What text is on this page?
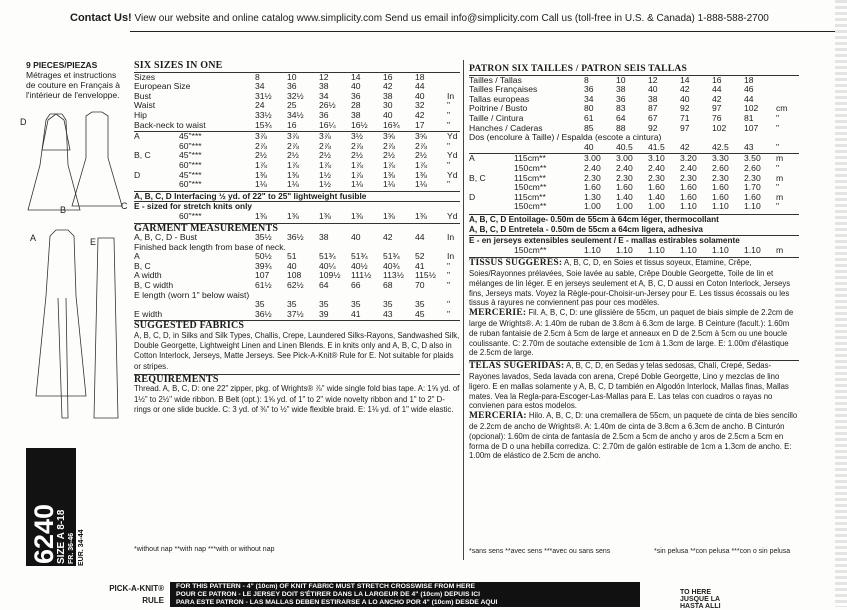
Contact Us! View our website and online catalog www.simplicity.com Send us email info@simplicity.com Call us (toll-free in U.S. & Canada) 1-888-588-2700
9 PIECES/PIEZAS
Métrages et instructions de couture en Français à l'intérieur de l'enveloppe.
D
B	C
A	E
6240
SIZE A 8-18 FR. 36-46 EUR. 34-44
SIX SIZES IN ONE
Sizes	8	10	12	14	16	18
European Size	34	36	38	40	42	44
Bust	31½	32½	34	36	38	40	In
Waist	24	25	26½	28	30	32	"
Hip	33½	34½	36	38	40	42	"
Back-neck to waist	15¾	16	16¼	16½	16¾	17	"
A	45"***	3⅞	3⅞	3⅞	3½	3⅝	3⅝	Yd
60"***	2⅞	2⅞	2⅞	2⅞	2⅞	2⅞	"
B, C	45"***	2½	2½	2½	2½	2½	2½	Yd
60"***	1⅞	1⅞	1⅞	1⅞	1⅞	1⅞	"
D	45"***	1⅜	1⅜	1½	1⅞	1⅜	1⅜	Yd
60"***	1⅛	1⅛	1½	1⅛	1⅛	1⅛	"
A, B, C, D Interfacing ½ yd. of 22" to 25" lightweight fusible
E - sized for stretch knits only
60"***	1⅜	1⅜	1⅜	1⅜	1⅜	1⅜	Yd
GARMENT MEASUREMENTS
A, B, C, D - Bust	35½	36½	38	40	42	44	In
Finished back length from base of neck.
A	50½	51	51¾	51¾	51¾	52	In
B, C	39¾	40	40¼	40½	40¾	41	"
A width	107	108	109½	111½	113½	115½	"
B, C width	61½	62½	64	66	68	70	"
E length (worn 1" below waist)
35	35	35	35	35	35	"
E width	36½	37½	39	41	43	45	"
SUGGESTED FABRICS
A, B, C, D, in Silks and Silk Types, Challis, Crepe, Laundered Silks-Rayons, Sandwashed Silk, Double Georgette, Lightweight Linen and Linen Blends. E in knits only and A, B, C, D also in Cotton Interlock, Jerseys, Matte Jerseys. See Pick-A-Knit® Rule for E. Not suitable for plaids or stripes.
REQUIREMENTS
Thread. A, B, C, D: one 22" zipper, pkg. of Wrights® ⅞" wide single fold bias tape. A: 1⅝ yd. of 1½" to 2½" wide ribbon. B Belt (opt.): 1⅝ yd. of 1" to 2" wide novelty ribbon and 1" to 2" D-rings or one slide buckle. C: 3 yd. of ⅜" to ½" wide flexible braid. E: 1⅛ yd. of 1" wide elastic.
*without nap **with nap ***with or without nap
PATRON SIX TAILLES / PATRON SEIS TALLAS
Tailles / Tallas	8	10	12	14	16	18
Tailles Françaises	36	38	40	42	44	46
Tallas europeas	34	36	38	40	42	44
Poitrine / Busto	80	83	87	92	97	102	cm
Taille / Cintura	61	64	67	71	76	81	"
Hanches / Caderas	85	88	92	97	102	107	"
Dos (encolure à Taille) / Espalda (escote a cintura)
40	40.5	41.5	42	42.5	43	"
A	115cm**	3.00	3.00	3.10	3.20	3.30	3.50	m
150cm**	2.40	2.40	2.40	2.40	2.60	2.60	"
B, C	115cm**	2.30	2.30	2.30	2.30	2.30	2.30	m
150cm**	1.60	1.60	1.60	1.60	1.60	1.70	"
D	115cm**	1.30	1.40	1.40	1.60	1.60	1.60	m
150cm**	1.00	1.00	1.00	1.10	1.10	1.10	"
A, B, C, D Entoilage- 0.50m de 55cm à 64cm léger, thermocollant
A, B, C, D Entretela - 0.50m de 55cm a 64cm ligera, adhesiva
E - en jerseys extensibles seulement / E - mallas estirables solamente
150cm**	1.10	1.10	1.10	1.10	1.10	1.10	m
TISSUS SUGGERES: A, B, C, D, en Soies et tissus soyeux, Etamine, Crêpe, Soies/Rayonnes prélavées, Soie lavée au sable, Crêpe Double Georgette, Toile de lin et mélanges de lin léger. E en jerseys seulement et A, B, C, D aussi en Coton Interlock, Jerseys fins, Jerseys mats. Voyez la Règle-pour-Choisir-un-Jersey pour E. Les tissus écossais ou les tissus à rayures ne conviennent pas pour ces modèles.
MERCERIE: Fil. A, B, C, D: une glissière de 55cm, un paquet de biais simple de 2.2cm de large de Wrights®. A: 1.40m de ruban de 3.8cm à 6.3cm de large. B Ceinture (facult.): 1.60m de ruban fantaisie de 2.5cm à 5cm de large et anneaux en D de 2.5cm à 5cm ou une boucle coulissante. C: 2.70m de soutache extensible de 1cm à 1.3cm de large. E: 1.00m d'élastique de 2.5cm de large.
TELAS SUGERIDAS: A, B, C, D, en Sedas y telas sedosas, Chalí, Crepé, Sedas-Rayones lavados, Seda lavada con arena, Crepé Doble Georgette, Lino y mezclas de lino ligero. E en mallas solamente y A, B, C, D también en Algodón Interlock, Mallas finas, Mallas mates. Vea la Regla-para-Escoger-Las-Mallas para E. Las telas con cuadros o rayas no convienen para estos modelos.
MERCERIA: Hilo. A, B, C, D: una cremallera de 55cm, un paquete de cinta de bies sencillo de 2.2cm de ancho de Wrights®. A: 1.40m de cinta de 3.8cm a 6.3cm de ancho. B Cinturón (opcional): 1.60m de cinta de fantasía de 2.5cm a 5cm de ancho y aros de 2.5cm a 5cm en forma de D o una hebilla corrediza. C: 2.70m de galón estirable de 1cm a 1.3cm de ancho. E: 1.00m de elástico de 2.5cm de ancho.
*sans sens **avec sens ***avec ou sans sens	*sin pelusa **con pelusa ***con o sin pelusa
PICK-A-KNIT® RULE
FOR THIS PATTERN - 4" (10cm) OF KNIT FABRIC MUST STRETCH CROSSWISE FROM HERE
POUR CE PATRON - LE JERSEY DOIT S'ÉTIRER DANS LA LARGEUR DE 4" (10cm) DEPUIS ICI
PARA ESTE PATRON - LAS MALLAS DEBEN ESTIRARSE A LO ANCHO POR 4" (10cm) DESDE AQUI
TO HERE JUSQUE LA HASTA ALLI
